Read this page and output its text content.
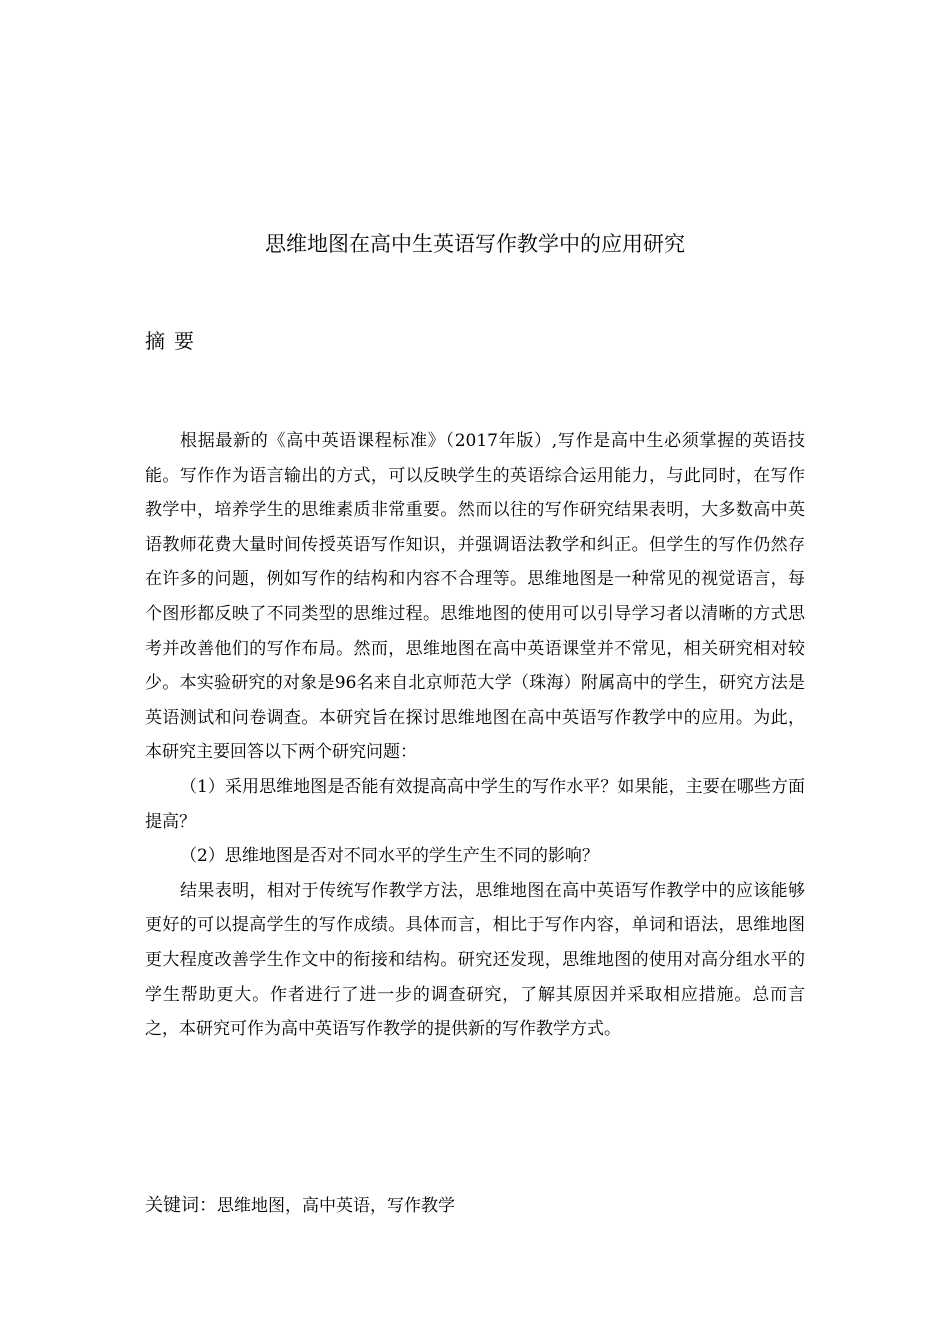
思维地图在高中生英语写作教学中的应用研究
摘要

根据最新的《高中英语课程标准》（2017年版）,写作是高中生必须掌握的英语技能。写作作为语言输出的方式，可以反映学生的英语综合运用能力，与此同时，在写作教学中，培养学生的思维素质非常重要。然而以往的写作研究结果表明，大多数高中英语教师花费大量时间传授英语写作知识，并强调语法教学和纠正。但学生的写作仍然存在许多的问题，例如写作的结构和内容不合理等。思维地图是一种常见的视觉语言，每个图形都反映了不同类型的思维过程。思维地图的使用可以引导学习者以清晰的方式思考并改善他们的写作布局。然而，思维地图在高中英语课堂并不常见，相关研究相对较少。本实验研究的对象是96名来自北京师范大学（珠海）附属高中的学生，研究方法是英语测试和问卷调查。本研究旨在探讨思维地图在高中英语写作教学中的应用。为此，本研究主要回答以下两个研究问题：

（1）采用思维地图是否能有效提高高中学生的写作水平？如果能，主要在哪些方面提高？

（2）思维地图是否对不同水平的学生产生不同的影响？

结果表明，相对于传统写作教学方法，思维地图在高中英语写作教学中的应该能够更好的可以提高学生的写作成绩。具体而言，相比于写作内容，单词和语法，思维地图更大程度改善学生作文中的衔接和结构。研究还发现，思维地图的使用对高分组水平的学生帮助更大。作者进行了进一步的调查研究，了解其原因并采取相应措施。总而言之，本研究可作为高中英语写作教学的提供新的写作教学方式。

关键词：思维地图，高中英语，写作教学
